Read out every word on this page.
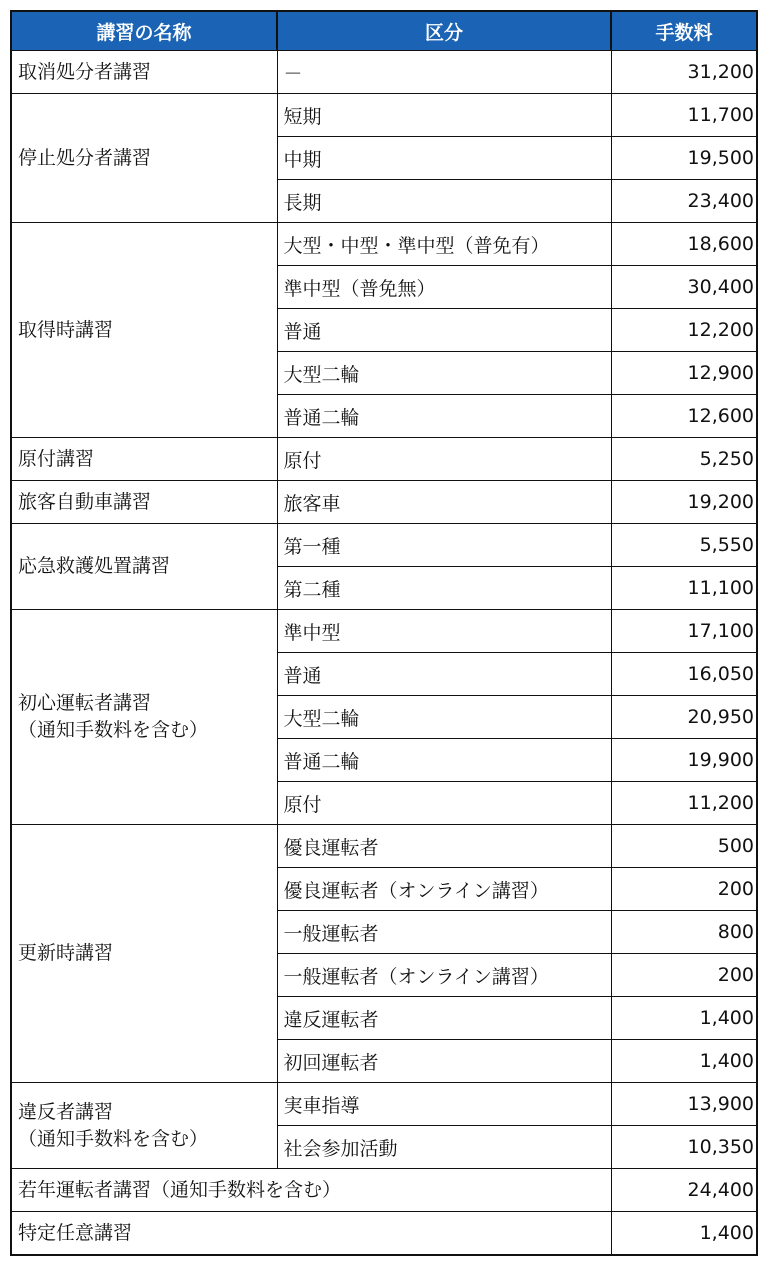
講習の名称	区分	手数料

取消処分者講習	－	31,200

停止処分者講習	短期	11,700
	中期	19,500
	長期	23,400

取得時講習	大型・中型・準中型（普免有）	18,600
	準中型（普免無）	30,400
	普通	12,200
	大型二輪	12,900
	普通二輪	12,600

原付講習	原付	5,250

旅客自動車講習	旅客車	19,200

応急救護処置講習	第一種	5,550
	第二種	11,100

初心運転者講習
（通知手数料を含む）	準中型	17,100
	普通	16,050
	大型二輪	20,950
	普通二輪	19,900
	原付	11,200

更新時講習	優良運転者	500
	優良運転者（オンライン講習）	200
	一般運転者	800
	一般運転者（オンライン講習）	200
	違反運転者	1,400
	初回運転者	1,400

違反者講習
（通知手数料を含む）	実車指導	13,900
	社会参加活動	10,350

若年運転者講習（通知手数料を含む）		24,400

特定任意講習		1,400
